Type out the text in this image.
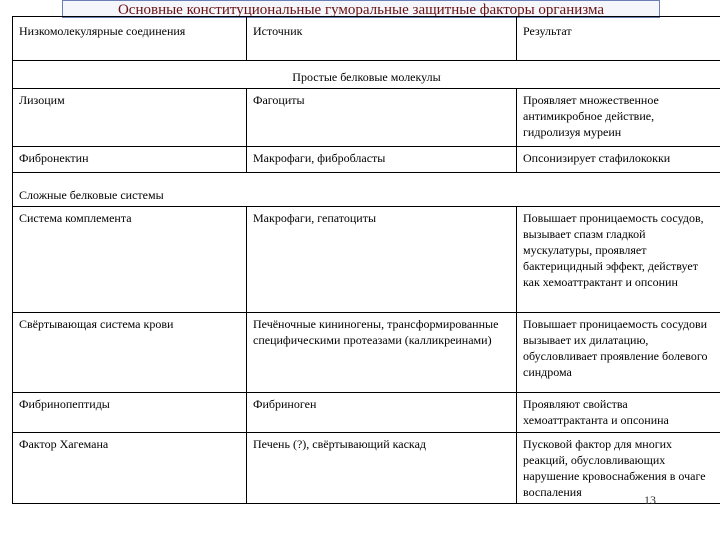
Основные конституциональные гуморальные защитные факторы организма
Низкомолекулярные соединения	Источник	Результат
Простые белковые молекулы		
Лизоцим	Фагоциты	Проявляет множественное антимикробное действие, гидролизуя муреин
Фибронектин	Макрофаги, фибробласты	Опсонизирует стафилококки
Сложные белковые системы		
Система комплемента	Макрофаги, гепатоциты	Повышает проницаемость сосудов, вызывает спазм гладкой мускулатуры, проявляет бактерицидный эффект, действует как хемоаттрактант и опсонин
Свёртывающая система крови	Печёночные кининогены, трансформированные специфическими протеазами (калликреинами)	Повышает проницаемость сосудови вызывает их дилатацию, обусловливает проявление болевого синдрома
Фибринопептиды	Фибриноген	Проявляют свойства хемоаттрактанта и опсонина
Фактор Хагемана	Печень (?), свёртывающий каскад	Пусковой фактор для многих реакций, обусловливающих нарушение кровоснабжения в очаге воспаления
13
